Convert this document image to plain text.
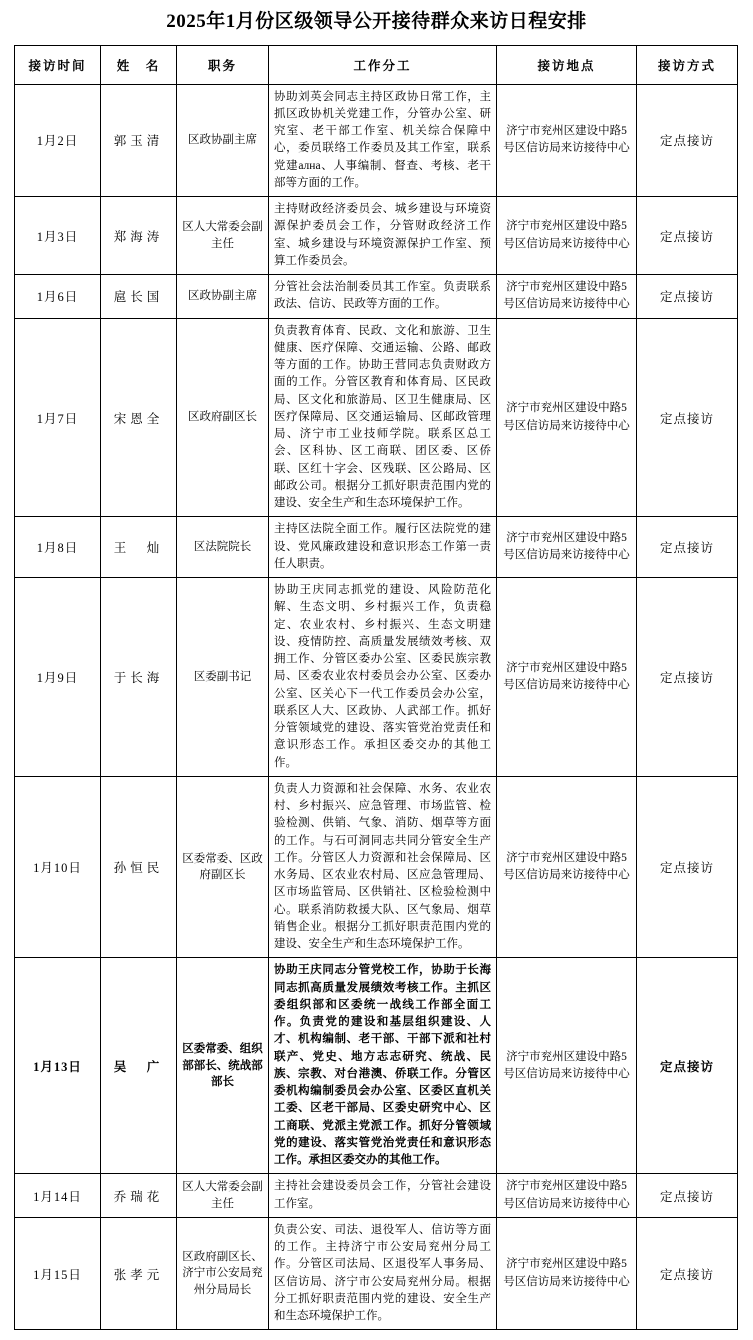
2025年1月份区级领导公开接待群众来访日程安排
接访时间	姓　名	职务	工作分工	接访地点	接访方式
1月2日	郭玉清	区政协副主席	协助刘英会同志主持区政协日常工作，主抓区政协机关党建工作，分管办公室、研究室、老干部工作室、机关综合保障中心，委员联络工作委员及其工作室，联系党建ална、人事编制、督查、考核、老干部等方面的工作。	济宁市兖州区建设中路5号区信访局来访接待中心	定点接访
1月3日	郑海涛	区人大常委会副主任	主持财政经济委员会、城乡建设与环境资源保护委员会工作，分管财政经济工作室、城乡建设与环境资源保护工作室、预算工作委员会。	济宁市兖州区建设中路5号区信访局来访接待中心	定点接访
1月6日	扈长国	区政协副主席	分管社会法治制委员其工作室。负责联系政法、信访、民政等方面的工作。	济宁市兖州区建设中路5号区信访局来访接待中心	定点接访
1月7日	宋恩全	区政府副区长	负责教育体育、民政、文化和旅游、卫生健康、医疗保障、交通运输、公路、邮政等方面的工作。协助王营同志负责财政方面的工作。分管区教育和体育局、区民政局、区文化和旅游局、区卫生健康局、区医疗保障局、区交通运输局、区邮政管理局、济宁市工业技师学院。联系区总工会、区科协、区工商联、团区委、区侨联、区红十字会、区残联、区公路局、区邮政公司。根据分工抓好职责范围内党的建设、安全生产和生态环境保护工作。	济宁市兖州区建设中路5号区信访局来访接待中心	定点接访
1月8日	王　灿	区法院院长	主持区法院全面工作。履行区法院党的建设、党风廉政建设和意识形态工作第一责任人职责。	济宁市兖州区建设中路5号区信访局来访接待中心	定点接访
1月9日	于长海	区委副书记	协助王庆同志抓党的建设、风险防范化解、生态文明、乡村振兴工作，负责稳定、农业农村、乡村振兴、生态文明建设、疫情防控、高质量发展绩效考核、双拥工作、分管区委办公室、区委民族宗教局、区委农业农村委员会办公室、区委办公室、区关心下一代工作委员会办公室，联系区人大、区政协、人武部工作。抓好分管领域党的建设、落实管党治党责任和意识形态工作。承担区委交办的其他工作。	济宁市兖州区建设中路5号区信访局来访接待中心	定点接访
1月10日	孙恒民	区委常委、区政府副区长	负责人力资源和社会保障、水务、农业农村、乡村振兴、应急管理、市场监管、检验检测、供销、气象、消防、烟草等方面的工作。与石可洞同志共同分管安全生产工作。分管区人力资源和社会保障局、区水务局、区农业农村局、区应急管理局、区市场监管局、区供销社、区检验检测中心。联系消防救援大队、区气象局、烟草销售企业。根据分工抓好职责范围内党的建设、安全生产和生态环境保护工作。	济宁市兖州区建设中路5号区信访局来访接待中心	定点接访
1月13日	吴　广	区委常委、组织部部长、统战部部长	协助王庆同志分管党校工作，协助于长海同志抓高质量发展绩效考核工作。主抓区委组织部和区委统一战线工作部全面工作。负责党的建设和基层组织建设、人才、机构编制、老干部、干部下派和社村联产、党史、地方志志研究、统战、民族、宗教、对台港澳、侨联工作。分管区委机构编制委员会办公室、区委区直机关工委、区老干部局、区委史研究中心、区工商联、党派主党派工作。抓好分管领域党的建设、落实管党治党责任和意识形态工作。承担区委交办的其他工作。	济宁市兖州区建设中路5号区信访局来访接待中心	定点接访
1月14日	乔瑞花	区人大常委会副主任	主持社会建设委员会工作，分管社会建设工作室。	济宁市兖州区建设中路5号区信访局来访接待中心	定点接访
1月15日	张孝元	区政府副区长、济宁市公安局兖州分局局长	负责公安、司法、退役军人、信访等方面的工作。主持济宁市公安局兖州分局工作。分管区司法局、区退役军人事务局、区信访局、济宁市公安局兖州分局。根据分工抓好职责范围内党的建设、安全生产和生态环境保护工作。	济宁市兖州区建设中路5号区信访局来访接待中心	定点接访
